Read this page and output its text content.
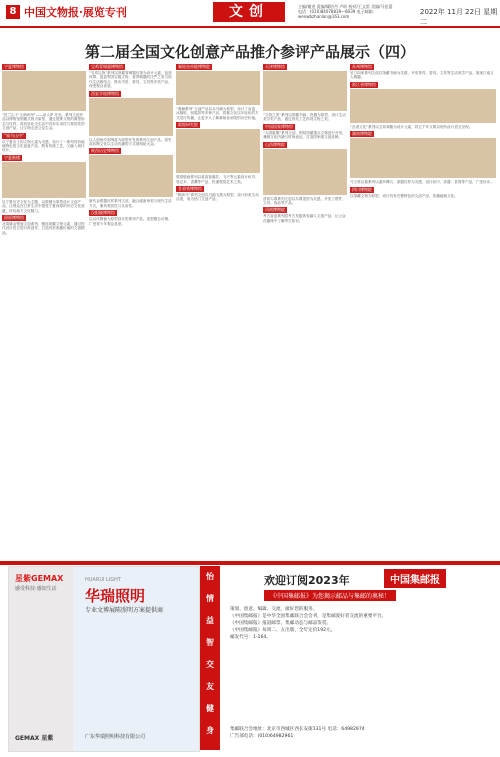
8 中国文物报·展览专刊	文创	主编/谢进 责编/耀怡丹 卢昕 校对/王文雷 美编/马佳蕾
电话：(010)84078839—8039 电子邮箱：wenwbzhanlan@163.com
2022年 11月 22日 星期二
第二届全国文化创意产品推介参评产品展示（四）
宁夏博物馆

“贺兰山下·文润河州”——亲人IP 冬至。系列文创作品以博物馆馆藏文物为原型，通过提炼文物的典型形态与纹样，将其转化为生活中具有实用性与观赏性的文创产品，让文物走进公众生活。

“骑马山中”

以宁夏出土的文物元素为灵感，设计了一系列具有地域特色的文化创意产品，既有传统工艺，又融入现代设计。

宁夏鼓楼

以宁夏历史文化为主题，以鼓楼为原型设计文创产品，让观众在日常生活中感受宁夏深厚的历史文化底蕴，体验地方文化魅力。

固原博物馆

北周鎏金银壶文创系列，精选馆藏文物元素，通过现代设计语言进行再创作，打造具有收藏价值的文创精品。

宝鸡青铜器博物馆

“宝鸡礼物”系列以馆藏青铜器纹饰为设计元素，包括何尊、逑盘等国宝级文物，将青铜器的庄严之美与现代生活相结合，推出书签、茶具、文具等多类产品，深受观众喜爱。

西安半坡博物馆

以人面鱼纹彩陶盆为原型开发的系列文创产品，将史前彩陶文化以生动有趣的方式展现给大众。

陕西历史博物馆

唐代金银器纹样系列文创，融合盛唐审美与现代生活方式，兼具观赏性与实用性。

汉阳陵博物馆

以汉代陶俑为原型设计的系列产品，造型憨态可掬，广受青少年观众喜爱。

秦始皇帝陵博物院

“秦俑系列”文创产品以兵马俑为原型，设计了盲盒、冰箱贴、钥匙扣等多种产品，将秦文化以年轻化的方式进行传播，让更多人了解秦始皇帝陵的历史价值。

敦煌研究院

敦煌壁画系列以莫高窟藻井、飞天等元素设计丝巾、笔记本、香薰等产品，传递敦煌艺术之美。

甘肃省博物馆

“铜奔马”系列文创以马踏飞燕为原型，设计形象生动活泼，成为热门文创产品。

天津博物馆

“文物之美”系列以馆藏书画、瓷器为原型，设计生活美学类产品，通过现代工艺再现文物之美。

中国国家博物馆

“大国重器”系列文创，围绕馆藏重点文物进行开发，兼顾文化内涵与时尚表达，打造国家级文创品牌。

山西博物院

晋侯鸟尊系列文创以鸟尊造型为灵感，开发了摆件、文具、饰品等产品。

河南博物院

考古盲盒系列将考古发掘体验融入文创产品，让公众在趣味中了解考古知识。

苏州博物馆

吴门四家系列文创以馆藏书画为灵感，开发茶具、香具、文具等生活美学产品，展现江南文人雅趣。

浙江省博物馆

“良渚文化”系列以玉琮神徽为设计元素，将五千年文明以现代设计语言呈现。

湖南博物院

马王堆汉墓系列以素纱襌衣、漆器纹样为灵感，设计丝巾、漆器、首饰等产品，广受好评。

四川博物院

以馆藏文物为原型，设计具有巴蜀特色的文创产品，传播地域文化。

星紫GEMAX
感受科技·感知生活
GEMAX 星紫
HUARUI LIGHT
华瑞照明
专业文博展陈照明方案提供商
广东华瑞照明科技有限公司
怡
情
益
智
交
友
健
身
欢迎订阅2023年	中国集邮报
《中国集邮报》为您揭示邮品与集邮的奥秘！
策划、创意、编辑、交流，做好您的服务。
《中国集邮报》是中华全国集邮联合会会刊，是集邮爱好者交流的重要平台。
《中国集邮报》报道邮票、集邮动态与邮品鉴赏。
《中国集邮报》每周二、五出版，全年定价192元。
邮发代号：1-164。
集邮联合会地址：北京市西城区西长安街131号 电话：64982974
广告部电话：(010)64982961
